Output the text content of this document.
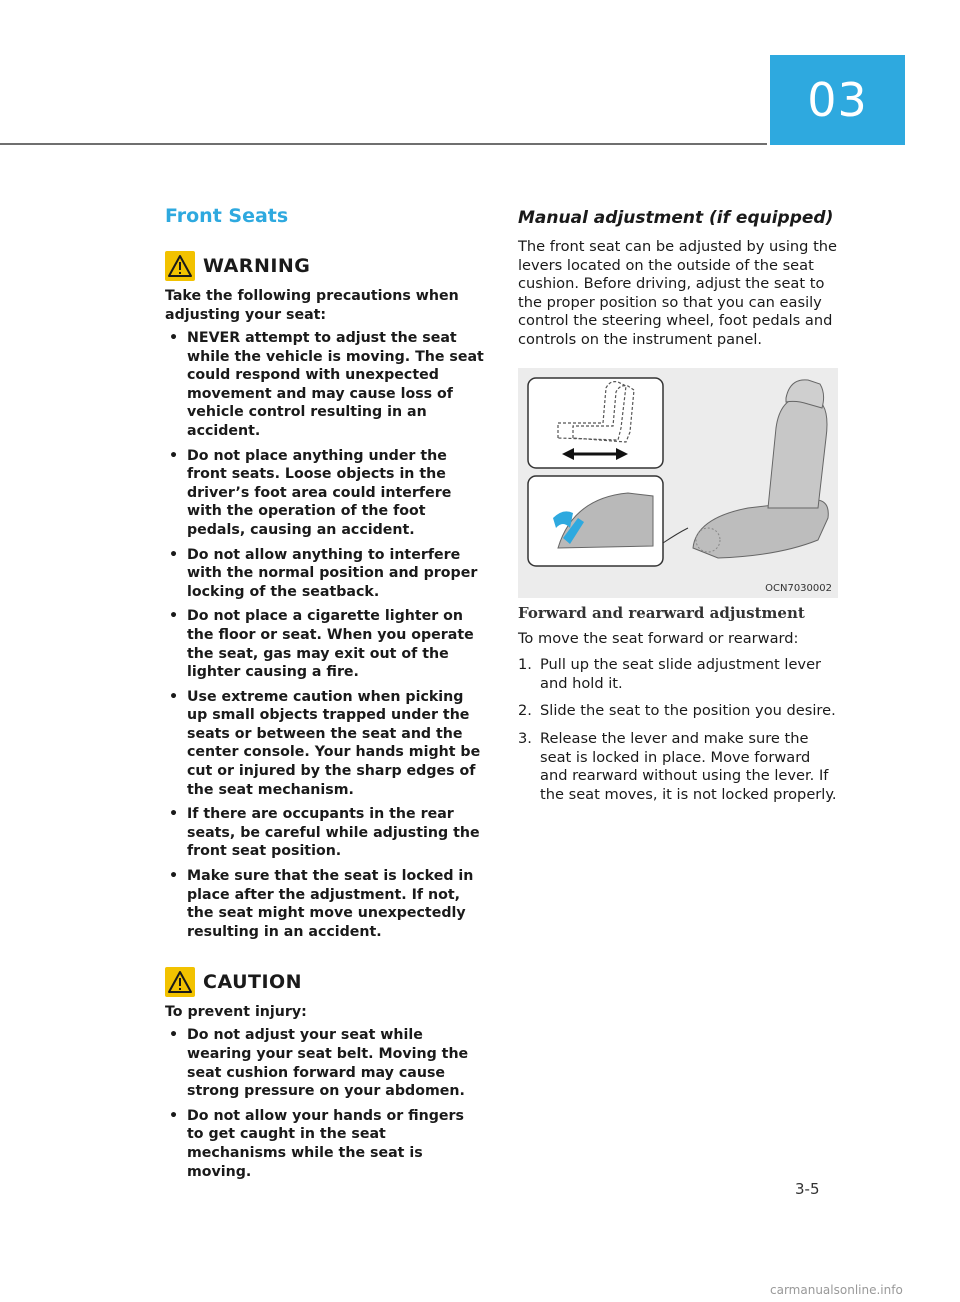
03
Front Seats
WARNING

Take the following precautions when adjusting your seat:

• NEVER attempt to adjust the seat while the vehicle is moving. The seat could respond with unexpected movement and may cause loss of vehicle control resulting in an accident.
• Do not place anything under the front seats. Loose objects in the driver’s foot area could interfere with the operation of the foot pedals, causing an accident.
• Do not allow anything to interfere with the normal position and proper locking of the seatback.
• Do not place a cigarette lighter on the floor or seat. When you operate the seat, gas may exit out of the lighter causing a fire.
• Use extreme caution when picking up small objects trapped under the seats or between the seat and the center console. Your hands might be cut or injured by the sharp edges of the seat mechanism.
• If there are occupants in the rear seats, be careful while adjusting the front seat position.
• Make sure that the seat is locked in place after the adjustment. If not, the seat might move unexpectedly resulting in an accident.
CAUTION

To prevent injury:

• Do not adjust your seat while wearing your seat belt. Moving the seat cushion forward may cause strong pressure on your abdomen.
• Do not allow your hands or fingers to get caught in the seat mechanisms while the seat is moving.
Manual adjustment (if equipped)

The front seat can be adjusted by using the levers located on the outside of the seat cushion. Before driving, adjust the seat to the proper position so that you can easily control the steering wheel, foot pedals and controls on the instrument panel.

OCN7030002
Forward and rearward adjustment

To move the seat forward or rearward:

1. Pull up the seat slide adjustment lever and hold it.
2. Slide the seat to the position you desire.
3. Release the lever and make sure the seat is locked in place. Move forward and rearward without using the lever. If the seat moves, it is not locked properly.
3-5
carmanualsonline.info
